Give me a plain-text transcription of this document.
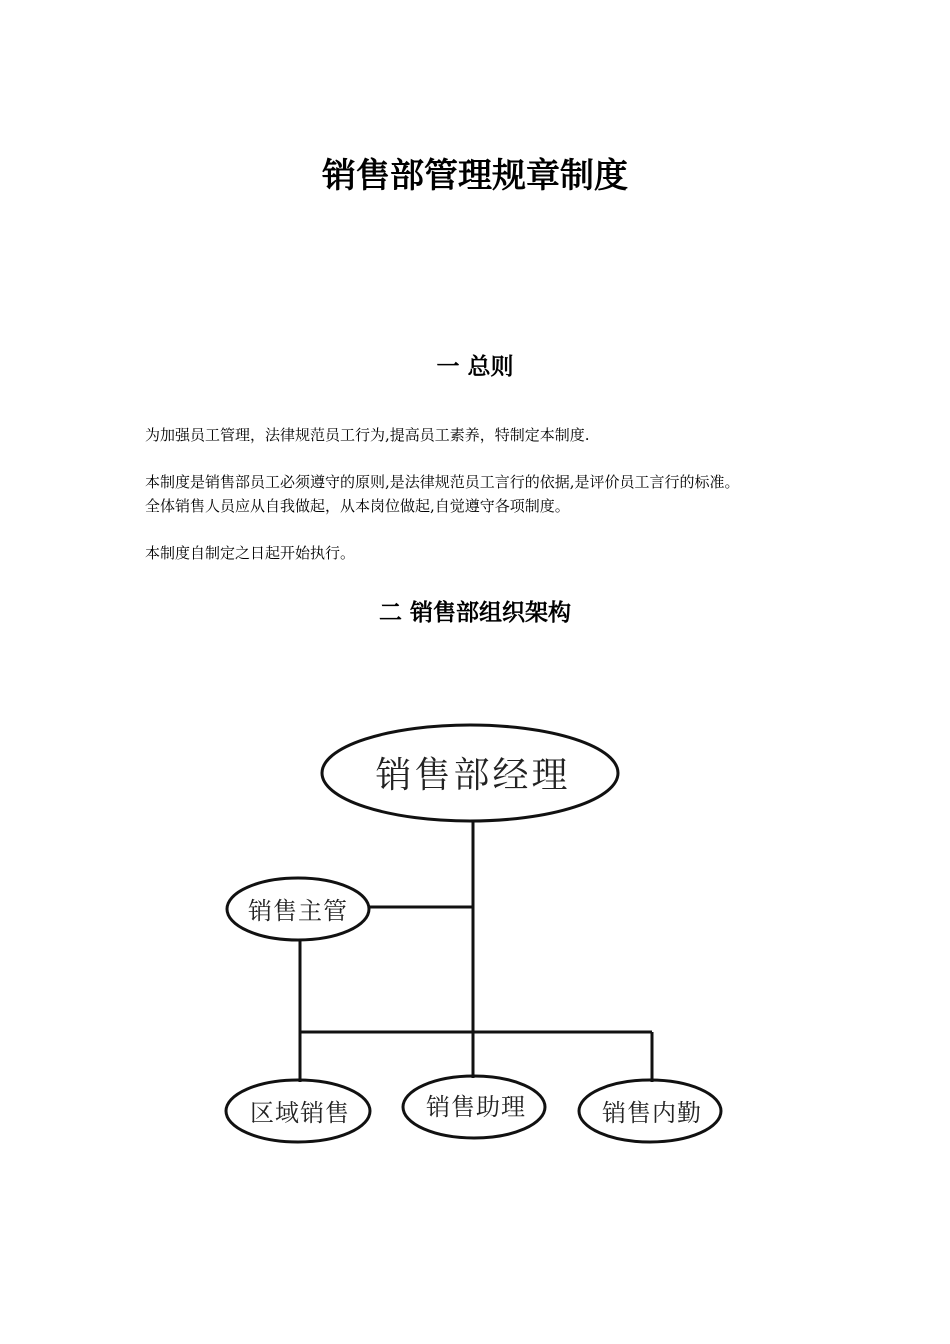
销售部管理规章制度
一 总则

为加强员工管理，法律规范员工行为,提高员工素养，特制定本制度.

本制度是销售部员工必须遵守的原则,是法律规范员工言行的依据,是评价员工言行的标准。

全体销售人员应从自我做起，从本岗位做起,自觉遵守各项制度。

本制度自制定之日起开始执行。

二 销售部组织架构
销售部经理
销售主管
区域销售	销售助理	销售内勤
